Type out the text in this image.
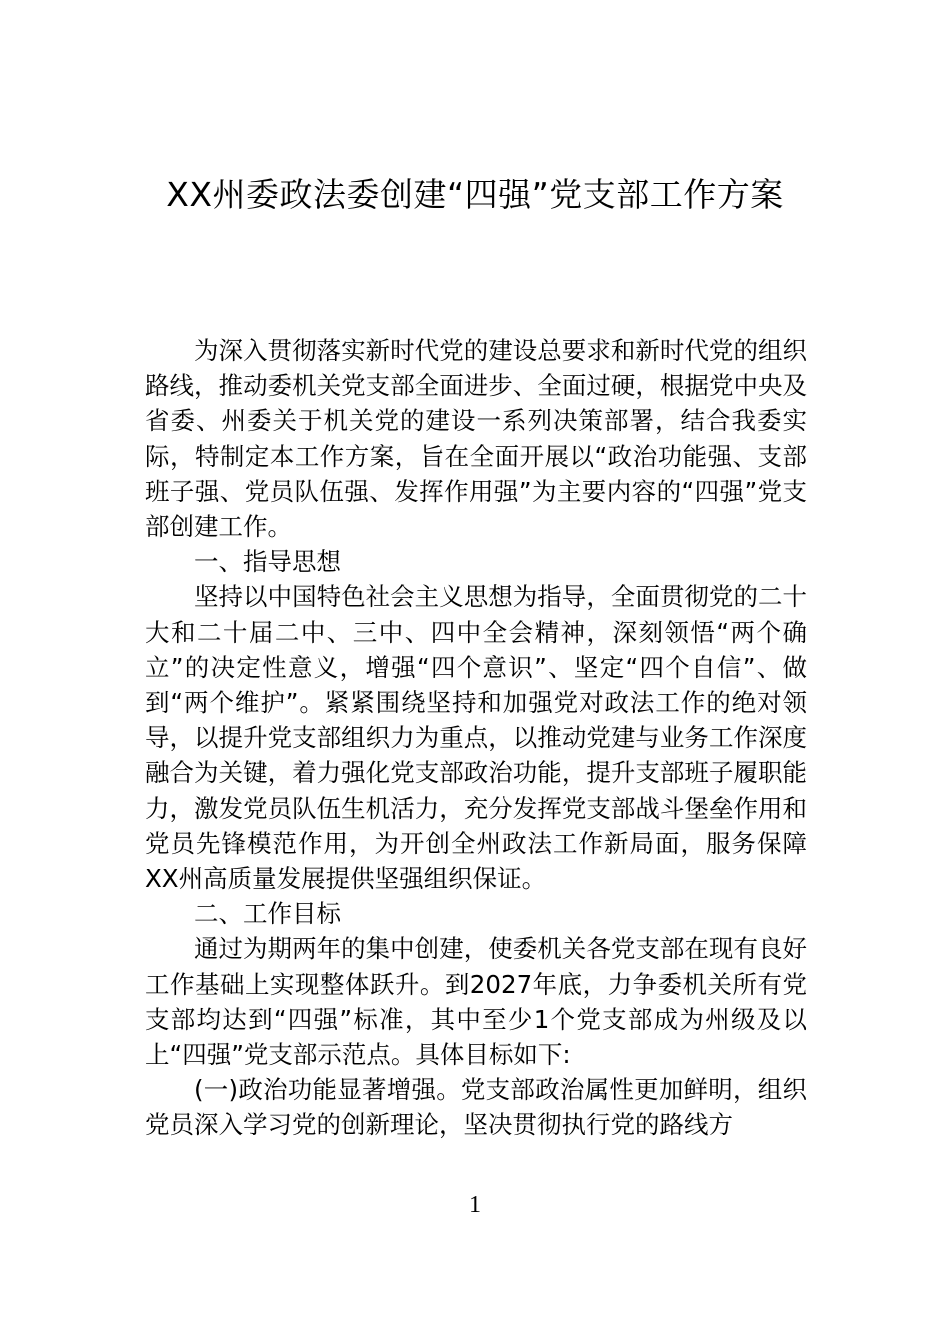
XX州委政法委创建“四强”党支部工作方案

为深入贯彻落实新时代党的建设总要求和新时代党的组织路线，推动委机关党支部全面进步、全面过硬，根据党中央及省委、州委关于机关党的建设一系列决策部署，结合我委实际，特制定本工作方案，旨在全面开展以“政治功能强、支部班子强、党员队伍强、发挥作用强”为主要内容的“四强”党支部创建工作。

一、指导思想

坚持以中国特色社会主义思想为指导，全面贯彻党的二十大和二十届二中、三中、四中全会精神，深刻领悟“两个确立”的决定性意义，增强“四个意识”、坚定“四个自信”、做到“两个维护”。紧紧围绕坚持和加强党对政法工作的绝对领导，以提升党支部组织力为重点，以推动党建与业务工作深度融合为关键，着力强化党支部政治功能，提升支部班子履职能力，激发党员队伍生机活力，充分发挥党支部战斗堡垒作用和党员先锋模范作用，为开创全州政法工作新局面，服务保障XX州高质量发展提供坚强组织保证。

二、工作目标

通过为期两年的集中创建，使委机关各党支部在现有良好工作基础上实现整体跃升。到2027年底，力争委机关所有党支部均达到“四强”标准，其中至少1个党支部成为州级及以上“四强”党支部示范点。具体目标如下:

(一)政治功能显著增强。党支部政治属性更加鲜明，组织党员深入学习党的创新理论，坚决贯彻执行党的路线方

1
